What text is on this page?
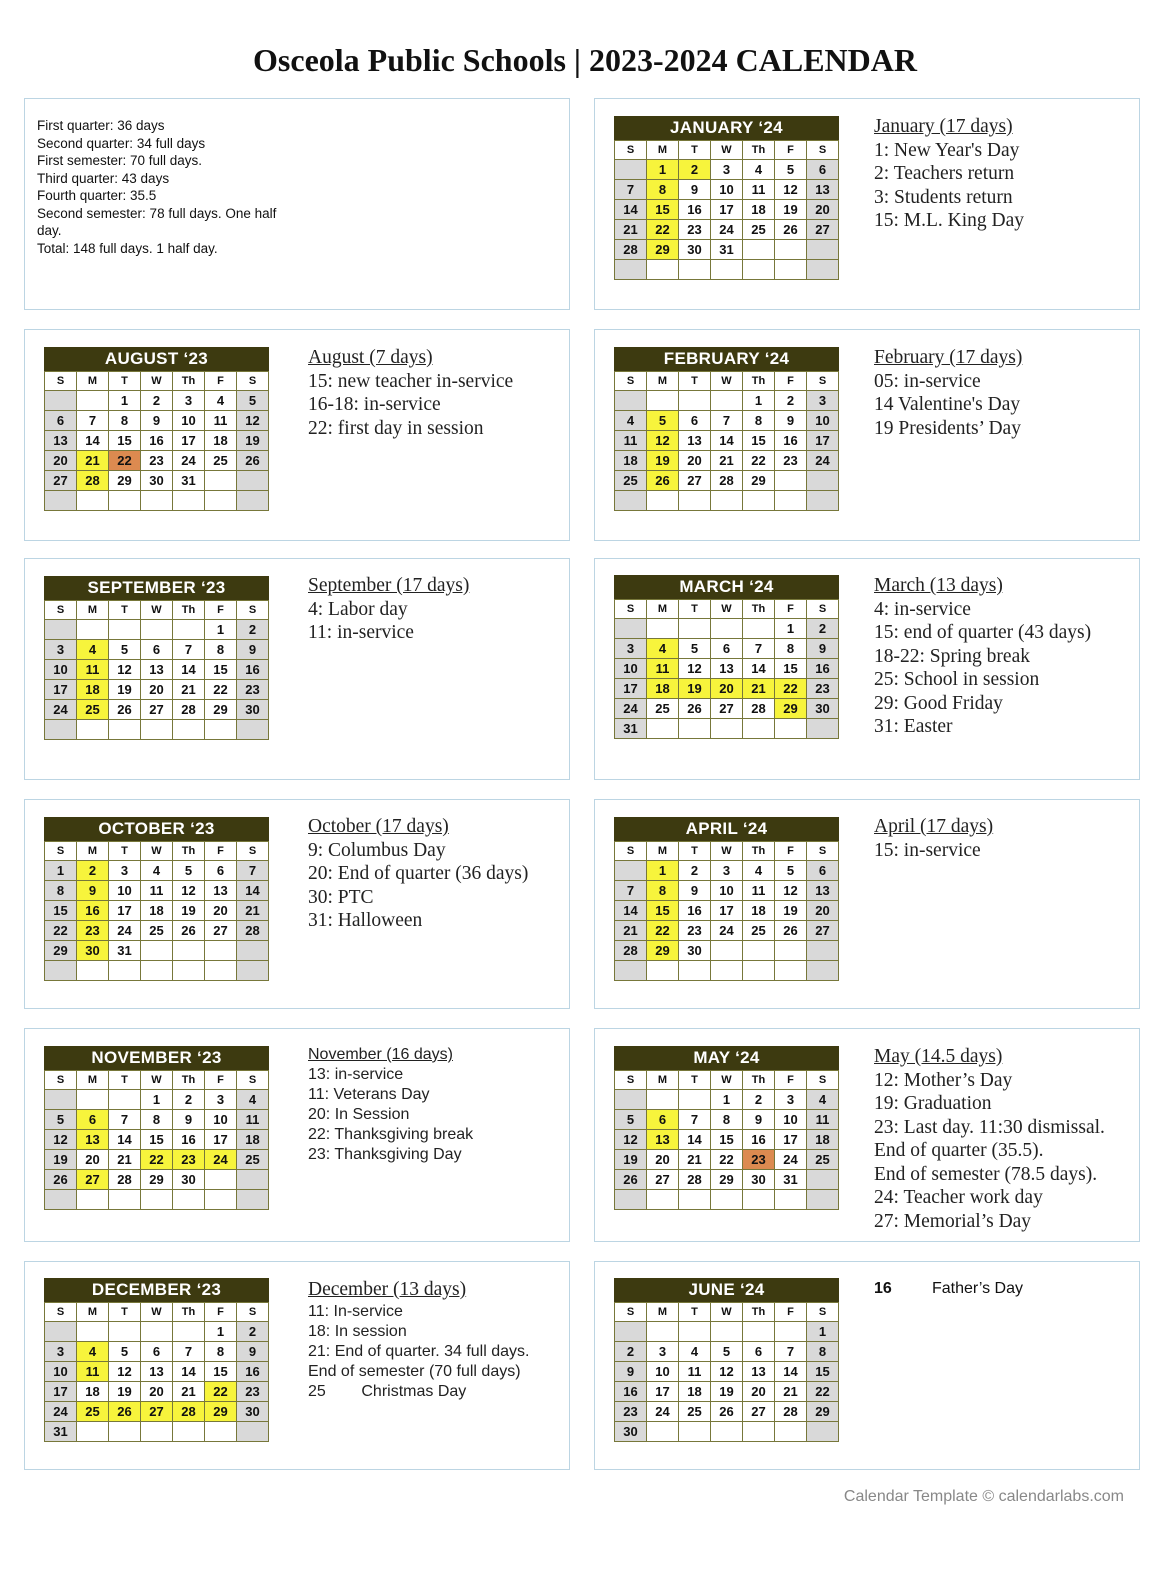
Osceola Public Schools | 2023-2024 CALENDAR
First quarter: 36 days
Second quarter: 34 full days
First semester: 70 full days.
Third quarter: 43 days
Fourth quarter: 35.5
Second semester: 78 full days. One half day.
Total: 148 full days. 1 half day.
AUGUST ‘23
S	M	T	W	Th	F	S
		1	2	3	4	5
6	7	8	9	10	11	12
13	14	15	16	17	18	19
20	21	22	23	24	25	26
27	28	29	30	31		

SEPTEMBER ‘23
S	M	T	W	Th	F	S
					1	2
3	4	5	6	7	8	9
10	11	12	13	14	15	16
17	18	19	20	21	22	23
24	25	26	27	28	29	30

OCTOBER ‘23
S	M	T	W	Th	F	S
1	2	3	4	5	6	7
8	9	10	11	12	13	14
15	16	17	18	19	20	21
22	23	24	25	26	27	28
29	30	31				

NOVEMBER ‘23
S	M	T	W	Th	F	S
			1	2	3	4
5	6	7	8	9	10	11
12	13	14	15	16	17	18
19	20	21	22	23	24	25
26	27	28	29	30		

DECEMBER ‘23
S	M	T	W	Th	F	S
					1	2
3	4	5	6	7	8	9
10	11	12	13	14	15	16
17	18	19	20	21	22	23
24	25	26	27	28	29	30
31						
JANUARY ‘24
S	M	T	W	Th	F	S
	1	2	3	4	5	6
7	8	9	10	11	12	13
14	15	16	17	18	19	20
21	22	23	24	25	26	27
28	29	30	31			

FEBRUARY ‘24
S	M	T	W	Th	F	S
				1	2	3
4	5	6	7	8	9	10
11	12	13	14	15	16	17
18	19	20	21	22	23	24
25	26	27	28	29		

MARCH ‘24
S	M	T	W	Th	F	S
					1	2
3	4	5	6	7	8	9
10	11	12	13	14	15	16
17	18	19	20	21	22	23
24	25	26	27	28	29	30
31						
APRIL ‘24
S	M	T	W	Th	F	S
	1	2	3	4	5	6
7	8	9	10	11	12	13
14	15	16	17	18	19	20
21	22	23	24	25	26	27
28	29	30				

MAY ‘24
S	M	T	W	Th	F	S
			1	2	3	4
5	6	7	8	9	10	11
12	13	14	15	16	17	18
19	20	21	22	23	24	25
26	27	28	29	30	31	

JUNE ‘24
S	M	T	W	Th	F	S
						1
2	3	4	5	6	7	8
9	10	11	12	13	14	15
16	17	18	19	20	21	22
23	24	25	26	27	28	29
30						
August (7 days)
15: new teacher in-service
16-18: in-service
22: first day in session
September (17 days)
4: Labor day
11: in-service
October (17 days)
9: Columbus Day
20: End of quarter (36 days)
30: PTC
31: Halloween
November (16 days)
13: in-service
11: Veterans Day
20: In Session
22: Thanksgiving break
23: Thanksgiving Day
December (13 days)
11: In-service
18: In session
21: End of quarter. 34 full days.
End of semester (70 full days)
25        Christmas Day
January (17 days)
1: New Year's Day
2: Teachers return
3: Students return
15: M.L. King Day
February (17 days)
05: in-service
14 Valentine's Day
19 Presidents’ Day
March (13 days)
4: in-service
15: end of quarter (43 days)
18-22: Spring break
25: School in session
29: Good Friday
31: Easter
April (17 days)
15: in-service
May (14.5 days)
12: Mother’s Day
19: Graduation
23: Last day. 11:30 dismissal.
End of quarter (35.5).
End of semester (78.5 days).
24: Teacher work day
27: Memorial’s Day
16	Father’s Day
Calendar Template © calendarlabs.com
